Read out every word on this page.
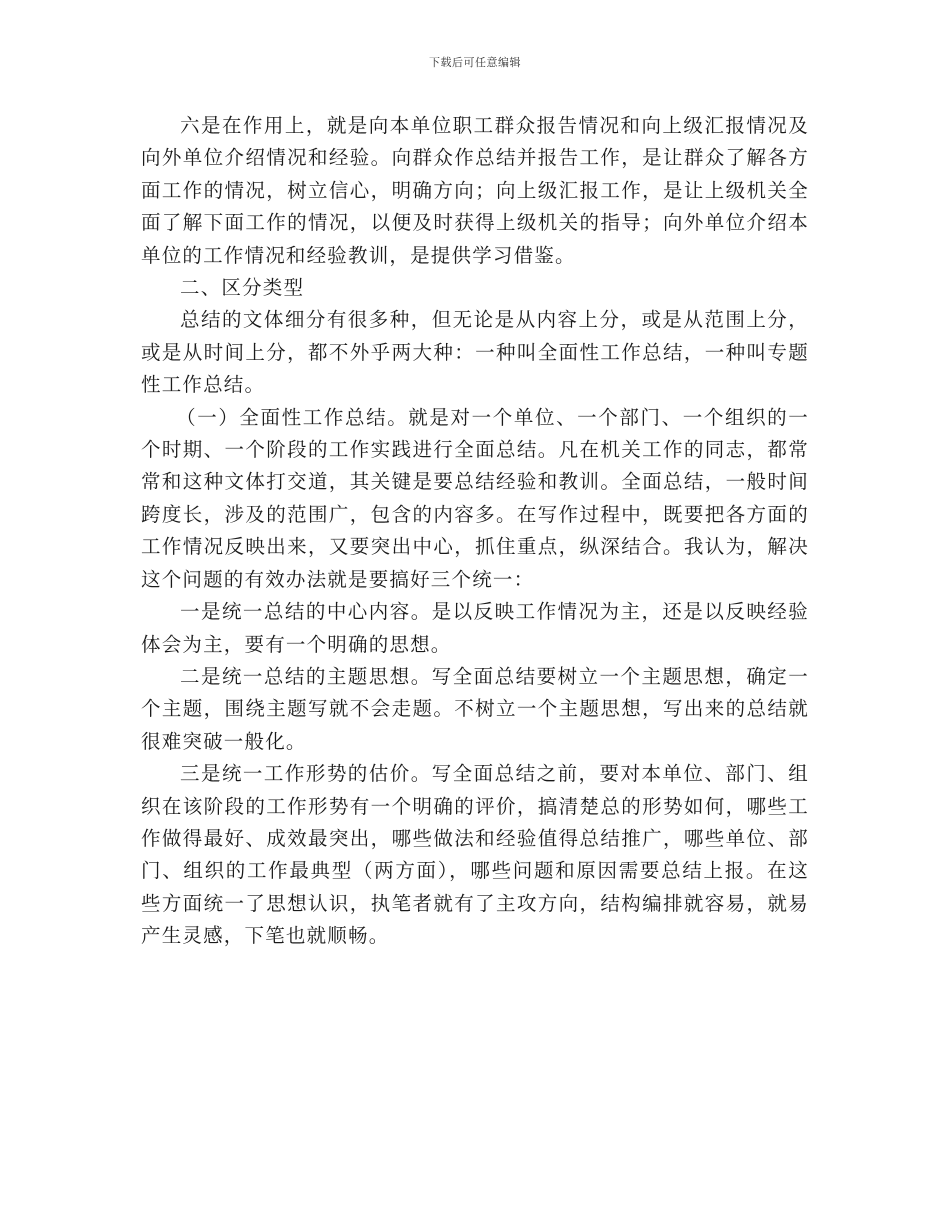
下载后可任意编辑

六是在作用上，就是向本单位职工群众报告情况和向上级汇报情况及向外单位介绍情况和经验。向群众作总结并报告工作，是让群众了解各方面工作的情况，树立信心，明确方向；向上级汇报工作，是让上级机关全面了解下面工作的情况，以便及时获得上级机关的指导；向外单位介绍本单位的工作情况和经验教训，是提供学习借鉴。

二、区分类型

总结的文体细分有很多种，但无论是从内容上分，或是从范围上分，或是从时间上分，都不外乎两大种：一种叫全面性工作总结，一种叫专题性工作总结。

（一）全面性工作总结。就是对一个单位、一个部门、一个组织的一个时期、一个阶段的工作实践进行全面总结。凡在机关工作的同志，都常常和这种文体打交道，其关键是要总结经验和教训。全面总结，一般时间跨度长，涉及的范围广，包含的内容多。在写作过程中，既要把各方面的工作情况反映出来，又要突出中心，抓住重点，纵深结合。我认为，解决这个问题的有效办法就是要搞好三个统一：

一是统一总结的中心内容。是以反映工作情况为主，还是以反映经验体会为主，要有一个明确的思想。

二是统一总结的主题思想。写全面总结要树立一个主题思想，确定一个主题，围绕主题写就不会走题。不树立一个主题思想，写出来的总结就很难突破一般化。

三是统一工作形势的估价。写全面总结之前，要对本单位、部门、组织在该阶段的工作形势有一个明确的评价，搞清楚总的形势如何，哪些工作做得最好、成效最突出，哪些做法和经验值得总结推广，哪些单位、部门、组织的工作最典型（两方面），哪些问题和原因需要总结上报。在这些方面统一了思想认识，执笔者就有了主攻方向，结构编排就容易，就易产生灵感，下笔也就顺畅。
